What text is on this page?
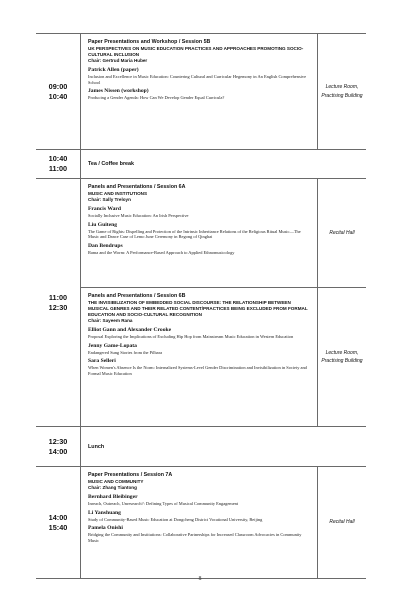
09:00
10:40
Paper Presentations and Workshop / Session 5B
UK PERSPECTIVES ON MUSIC EDUCATION PRACTICES AND APPROACHES PROMOTING SOCIO-CULTURAL INCLUSION
Chair: Gertrud Maria Huber
Patrick Allen (paper)
Inclusion and Excellence in Music Education: Countering Cultural and Curricular Hegemony in An English Comprehensive School
James Nissen (workshop)
Producing a Gender Agenda: How Can We Develop Gender Equal Curricula?
Lecture Room, Practising Building
10:40
11:00	Tea / Coffee break
11:00
12:30
Panels and Presentations / Session 6A
MUSIC AND INSTITUTIONS
Chair: Sally Treloyn
Francis Ward
Socially Inclusive Music Education: An Irish Perspective
Liu Guiteng
The Game of Rights: Dispelling and Protection of the Intrinsic Inheritance Relations of the Religious Ritual Music—The Music and Dance Case of Lemo June Ceremony in Regong of Qinghai
Dan Bendrups
Rama and the Worm: A Performance-Based Approach to Applied Ethnomusicology
Recital Hall
Panels and Presentations / Session 6B
THE INVISIBILIZATION OF EMBEDDED SOCIAL DISCOURSE: THE RELATIONSHIP BETWEEN MUSICAL GENRES AND THEIR RELATED CONTENT/PRACTICES BEING EXCLUDED FROM FORMAL EDUCATION AND SOCIO-CULTURAL RECOGNITION
Chair: Sayeem Rana
Elliot Gann and Alexander Crooke
Proposal Exploring the Implications of Excluding Hip Hop from Mainstream Music Education in Western Education
Jenny Game-Lopata
Endangered Sung Stories from the Pilbara
Sara Selleri
When Women's Absence Is the Norm: Internalized Systems-Level Gender Discrimination and Invisibilization in Society and Formal Music Education
Lecture Room, Practising Building
12:30
14:00	Lunch
14:00
15:40
Paper Presentations / Session 7A
MUSIC AND COMMUNITY
Chair: Zhang Tiantong
Bernhard Bleibinger
Inreach, Outreach, Unresearch?: Defining Types of Musical Community Engagement
Li Yanshuang
Study of Community-Based Music Education at Dongcheng District Vocational University, Beijing
Pamela Onishi
Bridging the Community and Institutions: Collaborative Partnerships for Increased Classroom Advocacies in Community Music
Recital Hall
8
